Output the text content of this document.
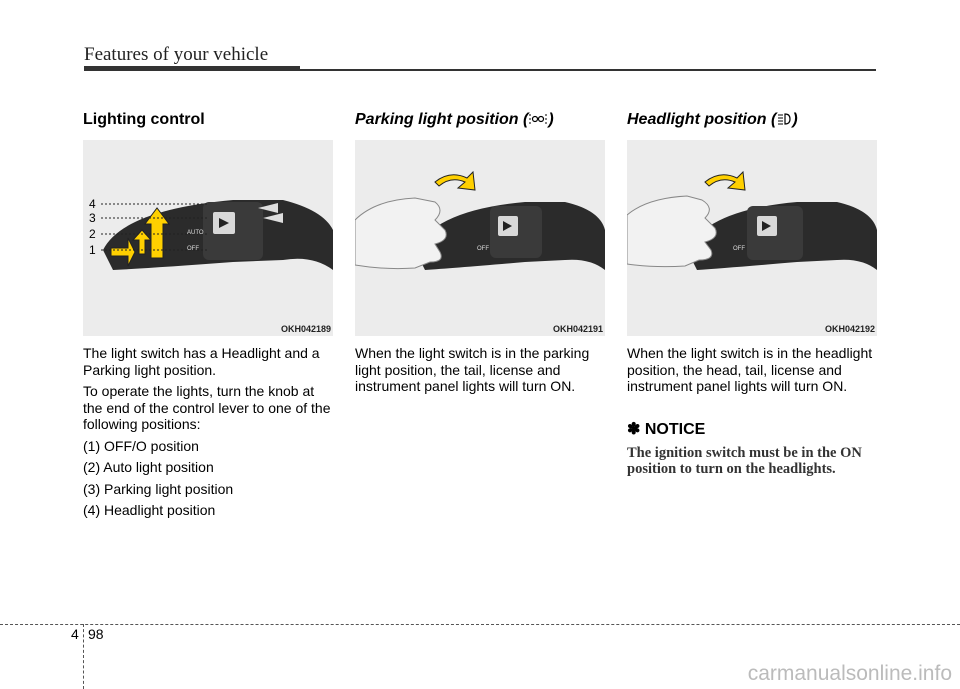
Features of your vehicle
Lighting control
4
3
2
1
AUTO
OFF
OKH042189

The light switch has a Headlight and a Parking light position.

To operate the lights, turn the knob at the end of the control lever to one of the following positions:

(1) OFF/O position

(2) Auto light position

(3) Parking light position

(4) Headlight position

Parking light position ( )
OFF
OKH042191

When the light switch is in the parking light position, the tail, license and instrument panel lights will turn ON.

Headlight position ( )
OFF
OKH042192

When the light switch is in the headlight position, the head, tail, license and instrument panel lights will turn ON.

✽ NOTICE

The ignition switch must be in the ON position to turn on the headlights.

4 98
carmanualsonline.info
